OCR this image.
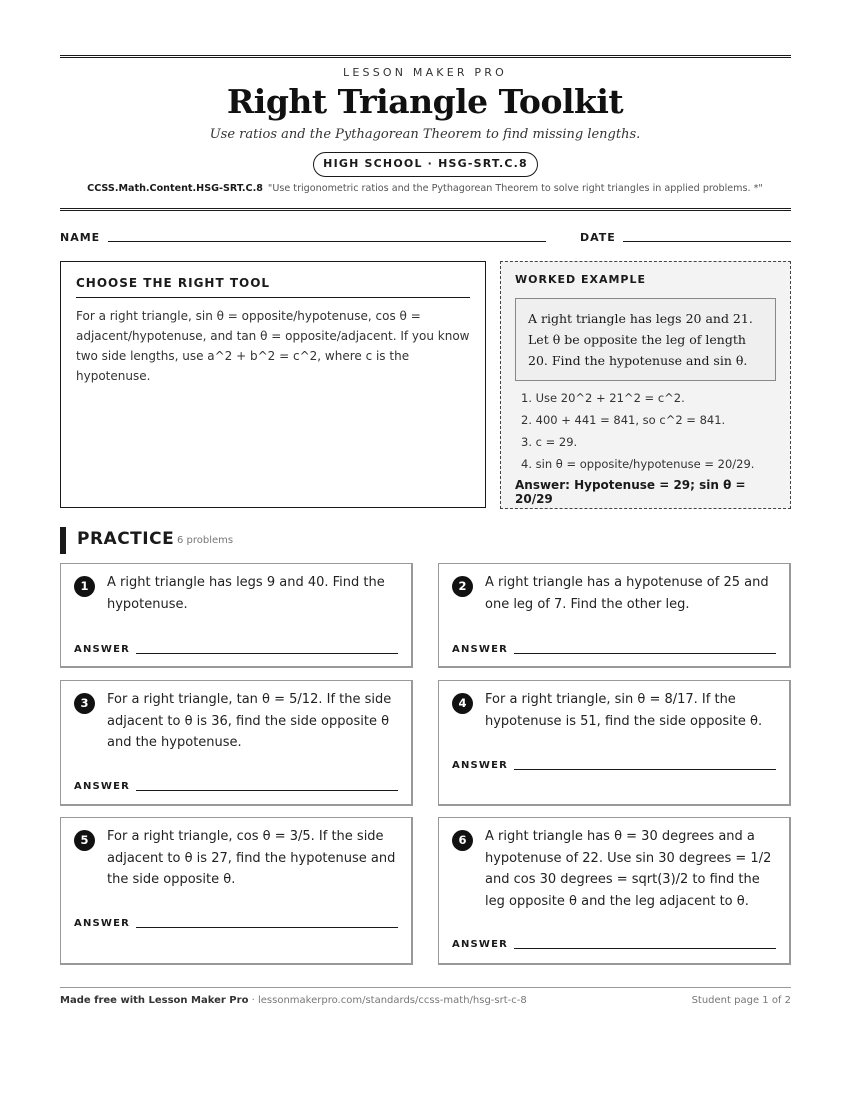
LESSON MAKER PRO
Right Triangle Toolkit
Use ratios and the Pythagorean Theorem to find missing lengths.
HIGH SCHOOL · HSG-SRT.C.8
CCSS.Math.Content.HSG-SRT.C.8 "Use trigonometric ratios and the Pythagorean Theorem to solve right triangles in applied problems. *"
NAME	DATE
CHOOSE THE RIGHT TOOL
For a right triangle, sin θ = opposite/hypotenuse, cos θ = adjacent/hypotenuse, and tan θ = opposite/adjacent. If you know two side lengths, use a^2 + b^2 = c^2, where c is the hypotenuse.
WORKED EXAMPLE
A right triangle has legs 20 and 21. Let θ be opposite the leg of length 20. Find the hypotenuse and sin θ.
1. Use 20^2 + 21^2 = c^2.
2. 400 + 441 = 841, so c^2 = 841.
3. c = 29.
4. sin θ = opposite/hypotenuse = 20/29.
Answer: Hypotenuse = 29; sin θ = 20/29
PRACTICE 6 problems
1	A right triangle has legs 9 and 40. Find the hypotenuse.
ANSWER
2	A right triangle has a hypotenuse of 25 and one leg of 7. Find the other leg.
ANSWER
3	For a right triangle, tan θ = 5/12. If the side adjacent to θ is 36, find the side opposite θ and the hypotenuse.
ANSWER
4	For a right triangle, sin θ = 8/17. If the hypotenuse is 51, find the side opposite θ.
ANSWER
5	For a right triangle, cos θ = 3/5. If the side adjacent to θ is 27, find the hypotenuse and the side opposite θ.
ANSWER
6	A right triangle has θ = 30 degrees and a hypotenuse of 22. Use sin 30 degrees = 1/2 and cos 30 degrees = sqrt(3)/2 to find the leg opposite θ and the leg adjacent to θ.
ANSWER
Made free with Lesson Maker Pro · lessonmakerpro.com/standards/ccss-math/hsg-srt-c-8	Student page 1 of 2
